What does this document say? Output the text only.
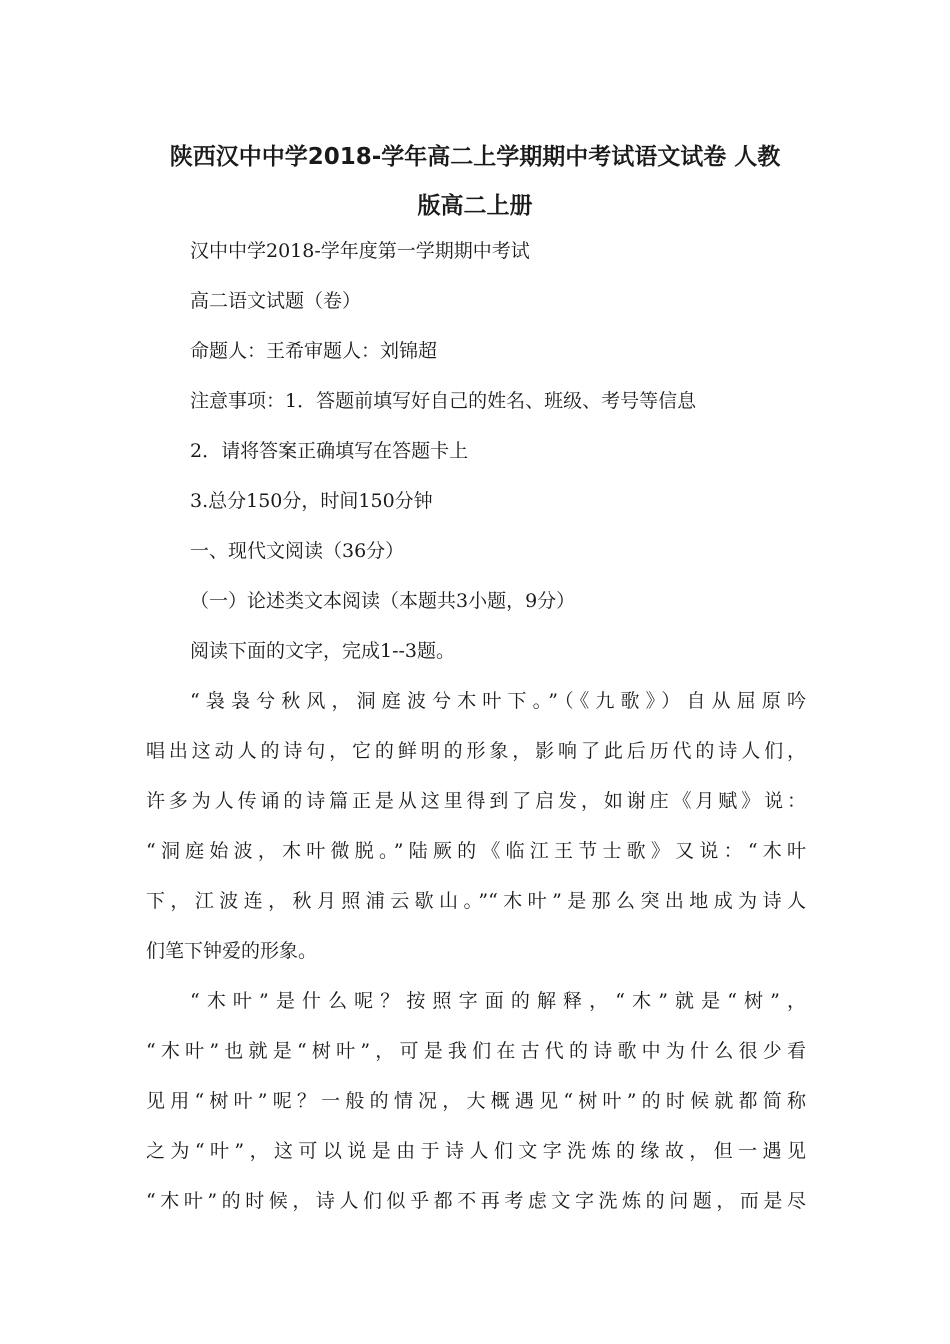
陕西汉中中学2018-学年高二上学期期中考试语文试卷 人教
版高二上册

汉中中学2018-学年度第一学期期中考试

高二语文试题（卷）

命题人：王希审题人：刘锦超

注意事项：1．答题前填写好自己的姓名、班级、考号等信息

2．请将答案正确填写在答题卡上

3.总分150分，时间150分钟

一、现代文阅读（36分）

（一）论述类文本阅读（本题共3小题，9分）

阅读下面的文字，完成1--3题。

“袅袅兮秋风，洞庭波兮木叶下。”（《九歌》）自从屈原吟

唱出这动人的诗句，它的鲜明的形象，影响了此后历代的诗人们，

许多为人传诵的诗篇正是从这里得到了启发，如谢庄《月赋》说：

“洞庭始波，木叶微脱。”陆厥的《临江王节士歌》又说：“木叶

下，江波连，秋月照浦云歇山。”“木叶”是那么突出地成为诗人

们笔下钟爱的形象。

“木叶”是什么呢？按照字面的解释，“木”就是“树”，

“木叶”也就是“树叶”，可是我们在古代的诗歌中为什么很少看

见用“树叶”呢？一般的情况，大概遇见“树叶”的时候就都简称

之为“叶”，这可以说是由于诗人们文字洗炼的缘故，但一遇见

“木叶”的时候，诗人们似乎都不再考虑文字洗炼的问题，而是尽
